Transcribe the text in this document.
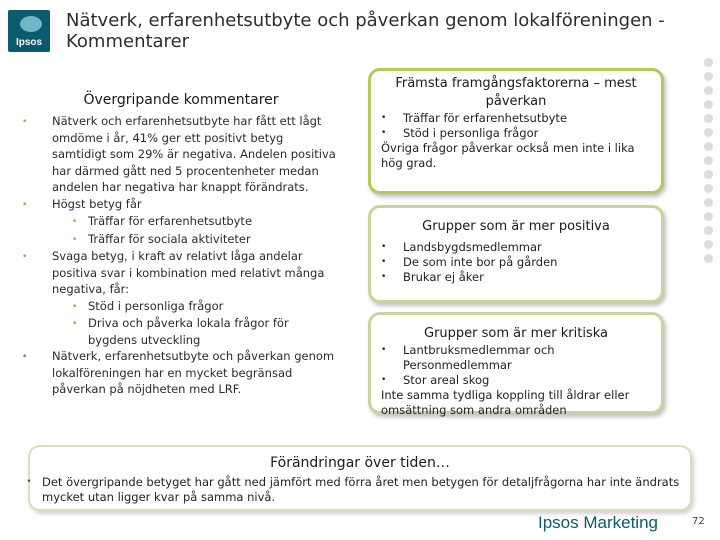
Ipsos
Nätverk, erfarenhetsutbyte och påverkan genom lokalföreningen - Kommentarer
Övergripande kommentarer
•	Nätverk och erfarenhetsutbyte har fått ett lågt omdöme i år, 41% ger ett positivt betyg samtidigt som 29% är negativa. Andelen positiva har därmed gått ned 5 procentenheter medan andelen har negativa har knappt förändrats.
•	Högst betyg får
• Träffar för erfarenhetsutbyte
• Träffar för sociala aktiviteter
•	Svaga betyg, i kraft av relativt låga andelar positiva svar i kombination med relativt många negativa, får:
• Stöd i personliga frågor
• Driva och påverka lokala frågor för bygdens utveckling
•	Nätverk, erfarenhetsutbyte och påverkan genom lokalföreningen har en mycket begränsad påverkan på nöjdheten med LRF.
Främsta framgångsfaktorerna – mest påverkan
•	Träffar för erfarenhetsutbyte
•	Stöd i personliga frågor
Övriga frågor påverkar också men inte i lika hög grad.
Grupper som är mer positiva
•	Landsbygdsmedlemmar
•	De som inte bor på gården
•	Brukar ej åker
Grupper som är mer kritiska
•	Lantbruksmedlemmar och Personmedlemmar
•	Stor areal skog
Inte samma tydliga koppling till åldrar eller omsättning som andra områden
Förändringar över tiden…
• Det övergripande betyget har gått ned jämfört med förra året men betygen för detaljfrågorna har inte ändrats mycket utan ligger kvar på samma nivå.
Ipsos Marketing	72
